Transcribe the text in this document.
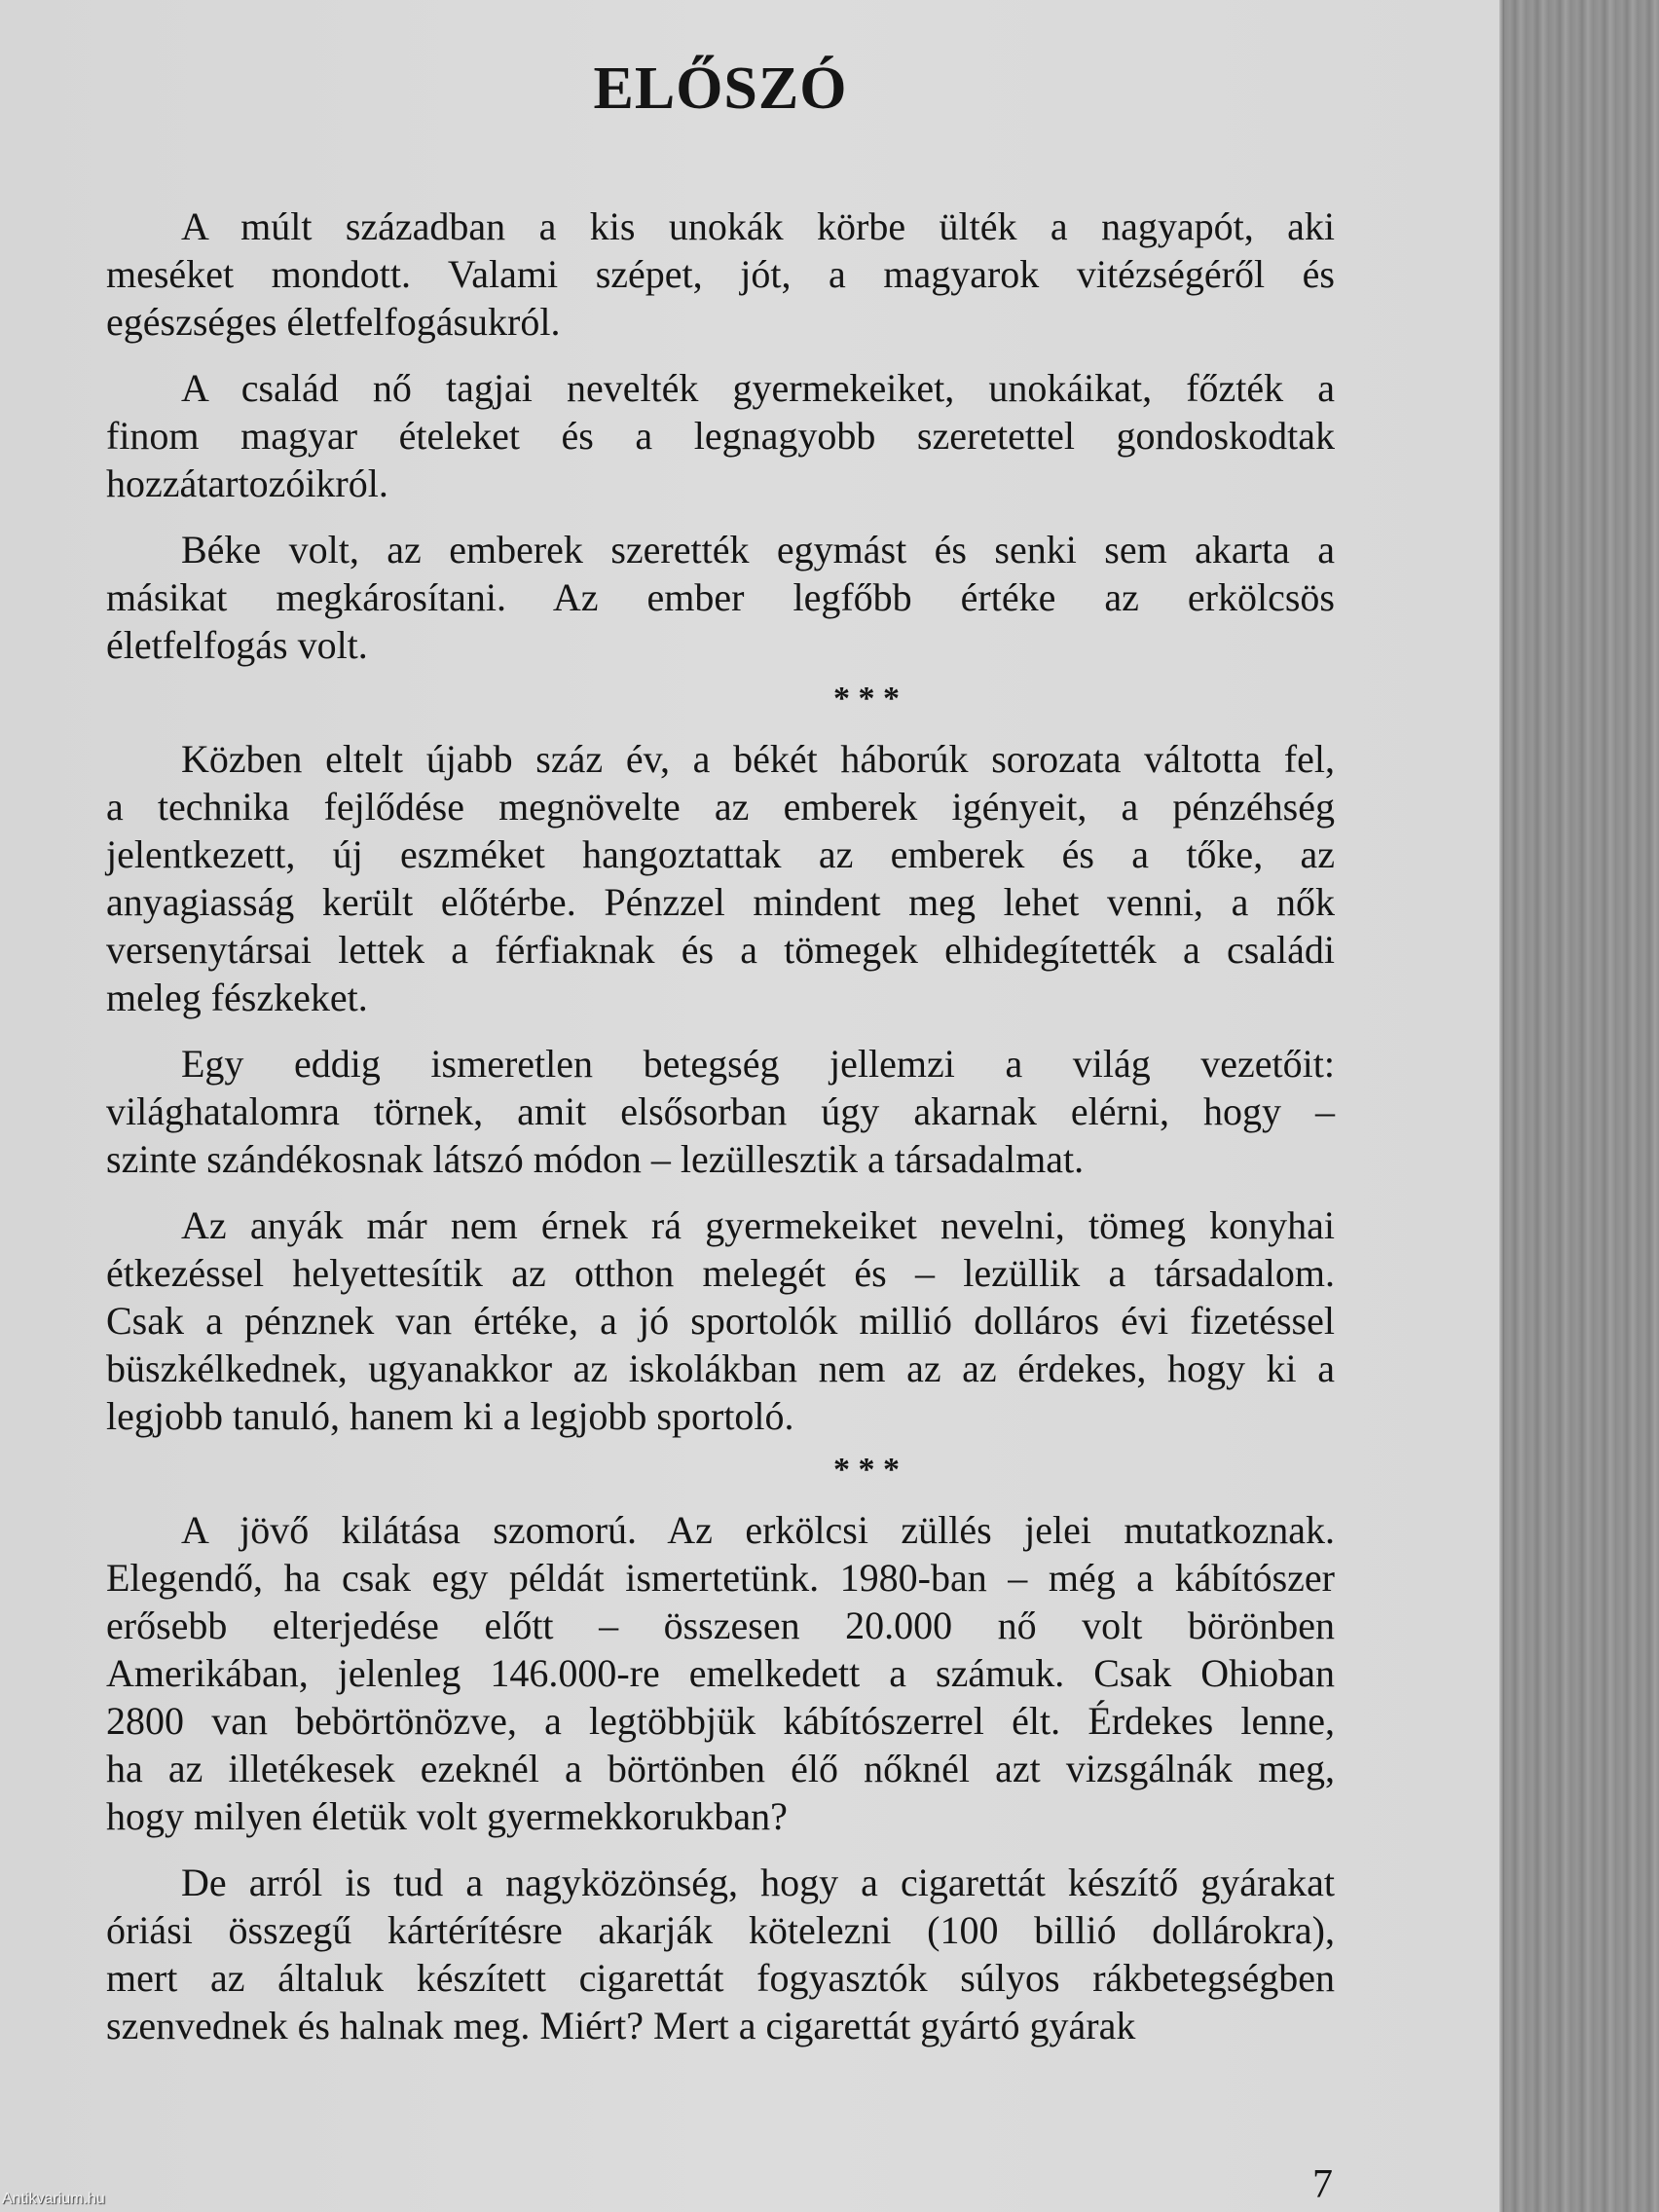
ELŐSZÓ
A múlt században a kis unokák körbe ülték a nagyapót, aki
meséket mondott. Valami szépet, jót, a magyarok vitézségéről és
egészséges életfelfogásukról.
A család nő tagjai nevelték gyermekeiket, unokáikat, főzték a
finom magyar ételeket és a legnagyobb szeretettel gondoskodtak
hozzátartozóikról.
Béke volt, az emberek szerették egymást és senki sem akarta a
másikat megkárosítani. Az ember legfőbb értéke az erkölcsös
életfelfogás volt.
* * *
Közben eltelt újabb száz év, a békét háborúk sorozata váltotta fel,
a technika fejlődése megnövelte az emberek igényeit, a pénzéhség
jelentkezett, új eszméket hangoztattak az emberek és a tőke, az
anyagiasság került előtérbe. Pénzzel mindent meg lehet venni, a nők
versenytársai lettek a férfiaknak és a tömegek elhidegítették a családi
meleg fészkeket.
Egy eddig ismeretlen betegség jellemzi a világ vezetőit:
világhatalomra törnek, amit elsősorban úgy akarnak elérni, hogy –
szinte szándékosnak látszó módon – lezüllesztik a társadalmat.
Az anyák már nem érnek rá gyermekeiket nevelni, tömeg konyhai
étkezéssel helyettesítik az otthon melegét és – lezüllik a társadalom.
Csak a pénznek van értéke, a jó sportolók millió dolláros évi fizetéssel
büszkélkednek, ugyanakkor az iskolákban nem az az érdekes, hogy ki a
legjobb tanuló, hanem ki a legjobb sportoló.
* * *
A jövő kilátása szomorú. Az erkölcsi züllés jelei mutatkoznak.
Elegendő, ha csak egy példát ismertetünk. 1980-ban – még a kábítószer
erősebb elterjedése előtt – összesen 20.000 nő volt börönben
Amerikában, jelenleg 146.000-re emelkedett a számuk. Csak Ohioban
2800 van bebörtönözve, a legtöbbjük kábítószerrel élt. Érdekes lenne,
ha az illetékesek ezeknél a börtönben élő nőknél azt vizsgálnák meg,
hogy milyen életük volt gyermekkorukban?
De arról is tud a nagyközönség, hogy a cigarettát készítő gyárakat
óriási összegű kártérítésre akarják kötelezni (100 billió dollárokra),
mert az általuk készített cigarettát fogyasztók súlyos rákbetegségben
szenvednek és halnak meg. Miért? Mert a cigarettát gyártó gyárak
7
Antikvarium.hu
